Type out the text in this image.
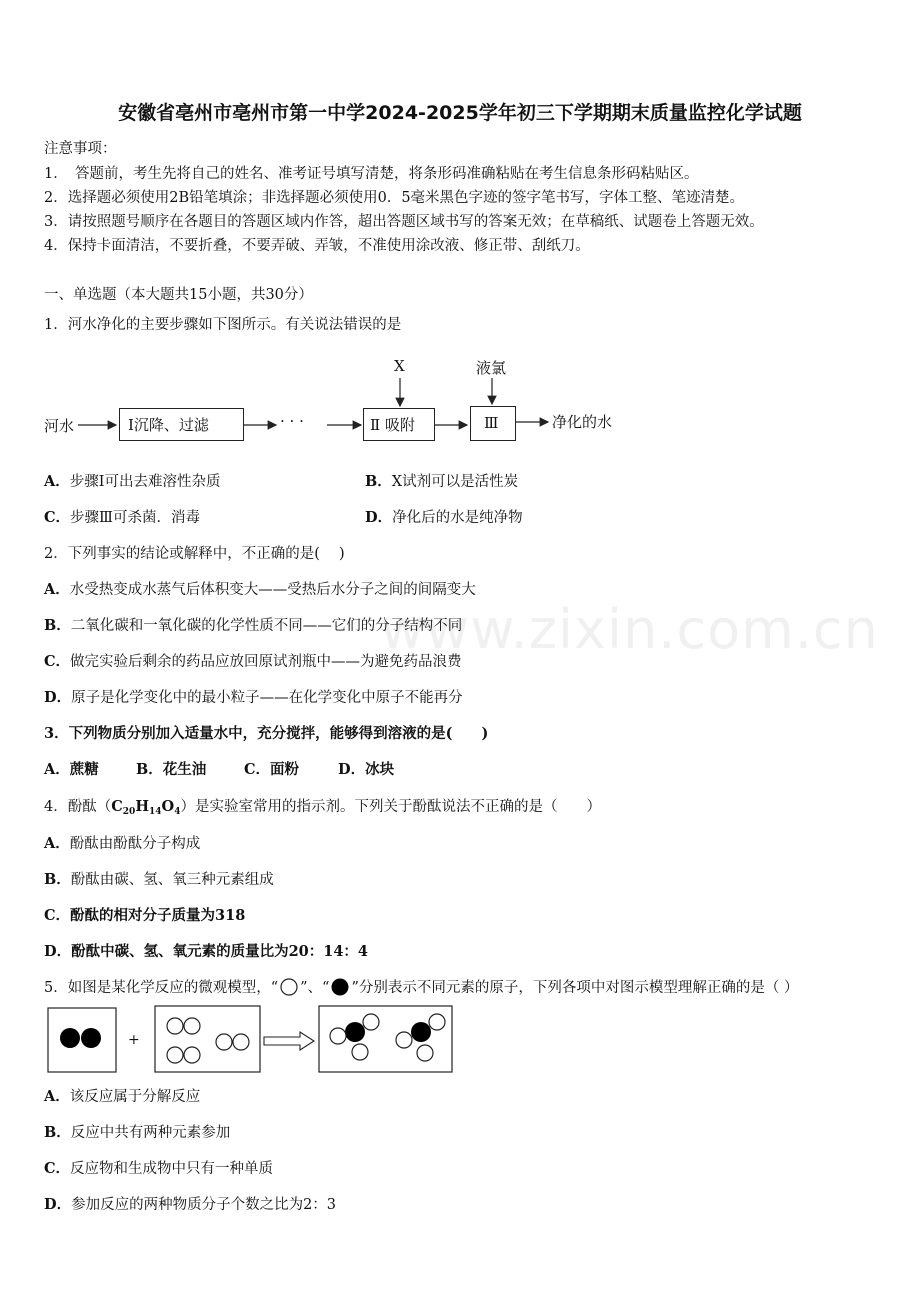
安徽省亳州市亳州市第一中学2024-2025学年初三下学期期末质量监控化学试题
www.zixin.com.cn
注意事项：
1．　答题前，考生先将自己的姓名、准考证号填写清楚，将条形码准确粘贴在考生信息条形码粘贴区。
2．选择题必须使用2B铅笔填涂；非选择题必须使用0．5毫米黑色字迹的签字笔书写，字体工整、笔迹清楚。
3．请按照题号顺序在各题目的答题区域内作答，超出答题区域书写的答案无效；在草稿纸、试题卷上答题无效。
4．保持卡面清洁，不要折叠，不要弄破、弄皱，不准使用涂改液、修正带、刮纸刀。
一、单选题（本大题共15小题，共30分）
1．河水净化的主要步骤如下图所示。有关说法错误的是
河水	Ⅰ沉降、过滤	· · ·	Ⅱ 吸附	Ⅲ
X	液氯
净化的水
A．步骤Ⅰ可出去难溶性杂质	B．X试剂可以是活性炭
C．步骤Ⅲ可杀菌．消毒	D．净化后的水是纯净物
2．下列事实的结论或解释中，不正确的是(　 )
A．水受热变成水蒸气后体积变大——受热后水分子之间的间隔变大
B．二氧化碳和一氧化碳的化学性质不同——它们的分子结构不同
C．做完实验后剩余的药品应放回原试剂瓶中——为避免药品浪费
D．原子是化学变化中的最小粒子——在化学变化中原子不能再分
3．下列物质分别加入适量水中，充分搅拌，能够得到溶液的是(　　)
A．蔗糖	B．花生油	C．面粉	D．冰块
4．酚酞$(C_{20}H_{14}O_4)$是实验室常用的指示剂。下列关于酚酞说法不正确的是（　　）
A．酚酞由酚酞分子构成
B．酚酞由碳、氢、氧三种元素组成
C．酚酞的相对分子质量为318
D．酚酞中碳、氢、氧元素的质量比为20：14：4
5．如图是某化学反应的微观模型，“ ”、“ ”分别表示不同元素的原子，下列各项中对图示模型理解正确的是（ ）
+
A．该反应属于分解反应
B．反应中共有两种元素参加
C．反应物和生成物中只有一种单质
D．参加反应的两种物质分子个数之比为2：3
